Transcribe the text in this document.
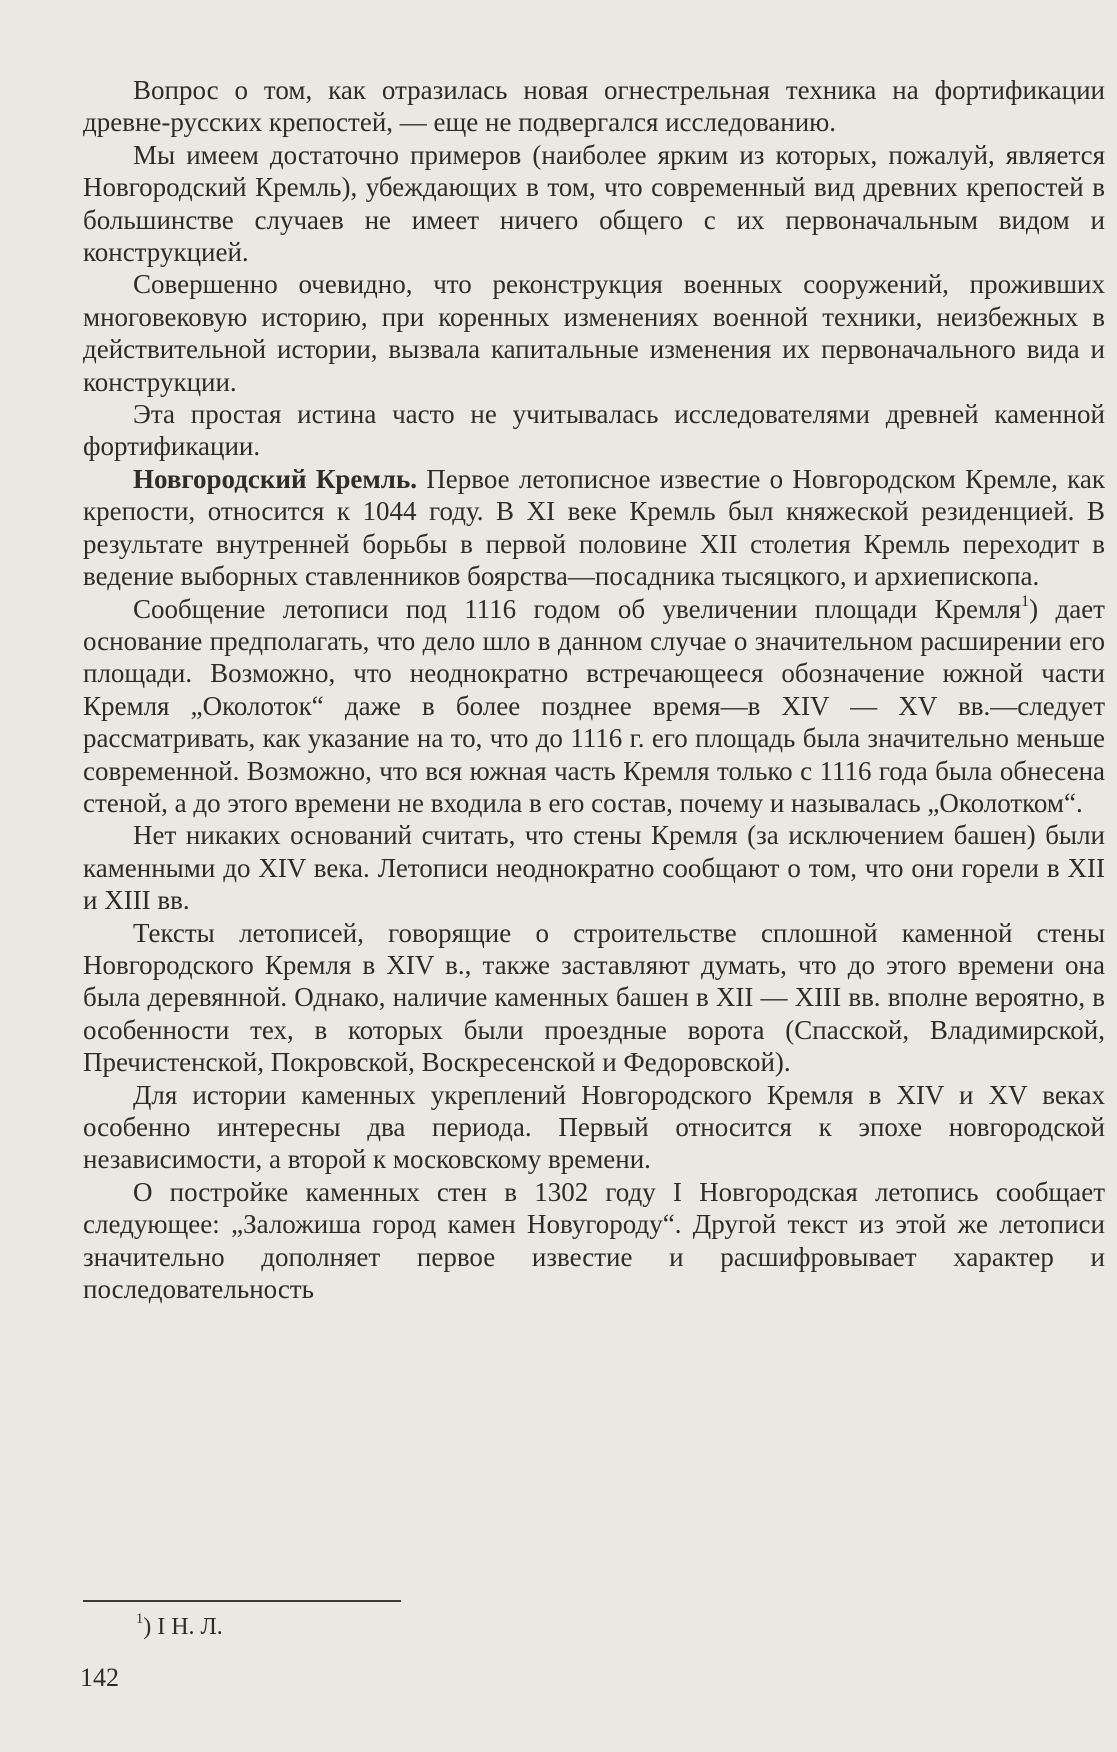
Вопрос о том, как отразилась новая огнестрельная техника на фортификации древне-русских крепостей, — еще не подвергался исследованию.

Мы имеем достаточно примеров (наиболее ярким из которых, пожалуй, является Новгородский Кремль), убеждающих в том, что современный вид древних крепостей в большинстве случаев не имеет ничего общего с их первоначальным видом и конструкцией.

Совершенно очевидно, что реконструкция военных сооружений, проживших многовековую историю, при коренных изменениях военной техники, неизбежных в действительной истории, вызвала капитальные изменения их первоначального вида и конструкции.

Эта простая истина часто не учитывалась исследователями древней каменной фортификации.

Новгородский Кремль. Первое летописное известие о Новгородском Кремле, как крепости, относится к 1044 году. В XI веке Кремль был княжеской резиденцией. В результате внутренней борьбы в первой половине XII столетия Кремль переходит в ведение выборных ставленников боярства—посадника тысяцкого, и архиепископа.

Сообщение летописи под 1116 годом об увеличении площади Кремля$^1$) дает основание предполагать, что дело шло в данном случае о значительном расширении его площади. Возможно, что неоднократно встречающееся обозначение южной части Кремля „Околоток“ даже в более позднее время—в XIV — XV вв.—следует рассматривать, как указание на то, что до 1116 г. его площадь была значительно меньше современной. Возможно, что вся южная часть Кремля только с 1116 года была обнесена стеной, а до этого времени не входила в его состав, почему и называлась „Околотком“.

Нет никаких оснований считать, что стены Кремля (за исключением башен) были каменными до XIV века. Летописи неоднократно сообщают о том, что они горели в XII и XIII вв.

Тексты летописей, говорящие о строительстве сплошной каменной стены Новгородского Кремля в XIV в., также заставляют думать, что до этого времени она была деревянной. Однако, наличие каменных башен в XII — XIII вв. вполне вероятно, в особенности тех, в которых были проездные ворота (Спасской, Владимирской, Пречистенской, Покровской, Воскресенской и Федоровской).

Для истории каменных укреплений Новгородского Кремля в XIV и XV веках особенно интересны два периода. Первый относится к эпохе новгородской независимости, а второй к московскому времени.

О постройке каменных стен в 1302 году I Новгородская летопись сообщает следующее: „Заложиша город камен Новугороду“. Другой текст из этой же летописи значительно дополняет первое известие и расшифровывает характер и последовательность

$^1$) I Н. Л.
142
